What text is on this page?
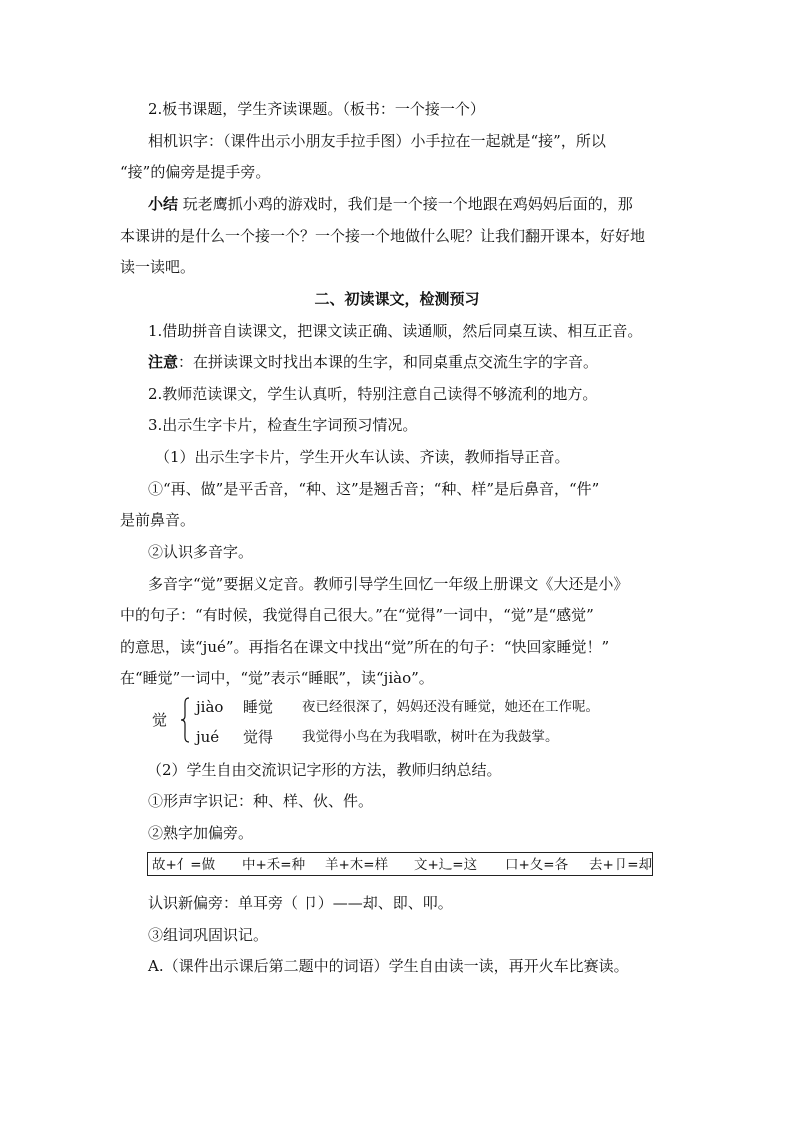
2.板书课题，学生齐读课题。（板书：一个接一个）
相机识字：（课件出示小朋友手拉手图）小手拉在一起就是“接”，所以
“接”的偏旁是提手旁。
小结 玩老鹰抓小鸡的游戏时，我们是一个接一个地跟在鸡妈妈后面的，那
本课讲的是什么一个接一个？一个接一个地做什么呢？让我们翻开课本，好好地
读一读吧。
二、初读课文，检测预习
1.借助拼音自读课文，把课文读正确、读通顺，然后同桌互读、相互正音。
注意：在拼读课文时找出本课的生字，和同桌重点交流生字的字音。
2.教师范读课文，学生认真听，特别注意自己读得不够流利的地方。
3.出示生字卡片，检查生字词预习情况。
（1）出示生字卡片，学生开火车认读、齐读，教师指导正音。
①“再、做”是平舌音，“种、这”是翘舌音；“种、样”是后鼻音，“件”
是前鼻音。
②认识多音字。
多音字“觉”要据义定音。教师引导学生回忆一年级上册课文《大还是小》
中的句子：“有时候，我觉得自己很大。”在“觉得”一词中，“觉”是“感觉”
的意思，读“jué”。再指名在课文中找出“觉”所在的句子：“快回家睡觉！”
在“睡觉”一词中，“觉”表示“睡眠”，读“jiào”。
觉
jiào 睡觉 夜已经很深了，妈妈还没有睡觉，她还在工作呢。
jué 觉得 我觉得小鸟在为我唱歌，树叶在为我鼓掌。
（2）学生自由交流识记字形的方法，教师归纳总结。
①形声字识记：种、样、伙、件。
②熟字加偏旁。
故+亻=做 中+禾=种 羊+木=样 文+辶=这 口+夂=各 去+卩=却
认识新偏旁：单耳旁（ 卩）——却、即、叩。
③组词巩固识记。
A.（课件出示课后第二题中的词语）学生自由读一读，再开火车比赛读。
